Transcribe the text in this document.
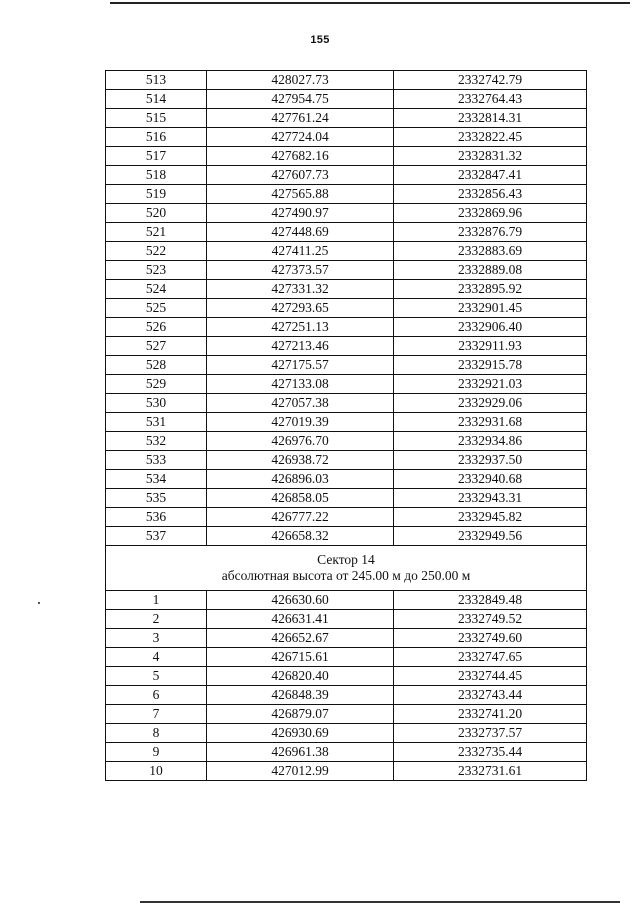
155
513	428027.73	2332742.79
514	427954.75	2332764.43
515	427761.24	2332814.31
516	427724.04	2332822.45
517	427682.16	2332831.32
518	427607.73	2332847.41
519	427565.88	2332856.43
520	427490.97	2332869.96
521	427448.69	2332876.79
522	427411.25	2332883.69
523	427373.57	2332889.08
524	427331.32	2332895.92
525	427293.65	2332901.45
526	427251.13	2332906.40
527	427213.46	2332911.93
528	427175.57	2332915.78
529	427133.08	2332921.03
530	427057.38	2332929.06
531	427019.39	2332931.68
532	426976.70	2332934.86
533	426938.72	2332937.50
534	426896.03	2332940.68
535	426858.05	2332943.31
536	426777.22	2332945.82
537	426658.32	2332949.56

Сектор 14
абсолютная высота от 245.00 м до 250.00 м		

1	426630.60	2332849.48
2	426631.41	2332749.52
3	426652.67	2332749.60
4	426715.61	2332747.65
5	426820.40	2332744.45
6	426848.39	2332743.44
7	426879.07	2332741.20
8	426930.69	2332737.57
9	426961.38	2332735.44
10	427012.99	2332731.61
